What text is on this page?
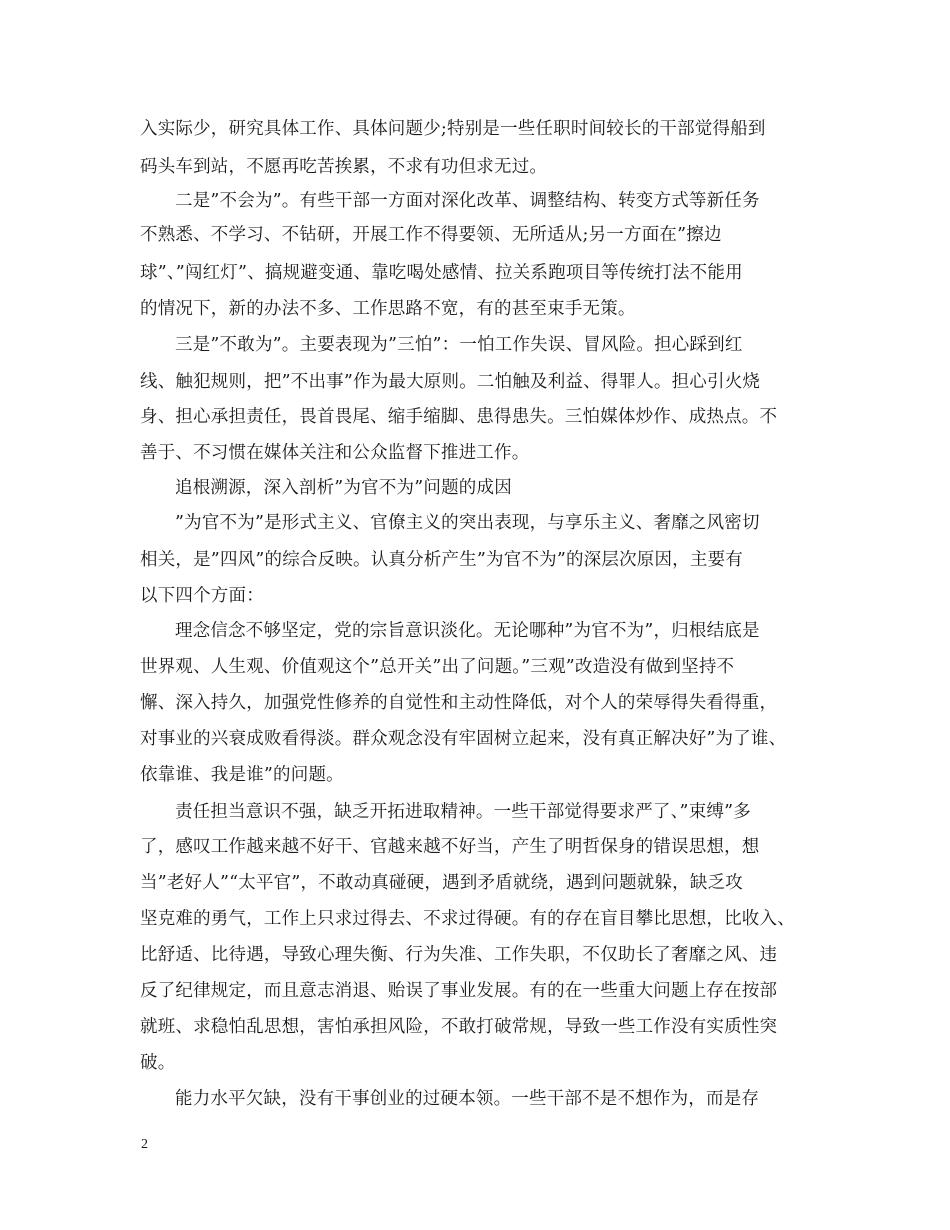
入实际少，研究具体工作、具体问题少;特别是一些任职时间较长的干部觉得船到
码头车到站，不愿再吃苦挨累，不求有功但求无过。
二是”不会为”。有些干部一方面对深化改革、调整结构、转变方式等新任务
不熟悉、不学习、不钻研，开展工作不得要领、无所适从;另一方面在”擦边
球”、”闯红灯”、搞规避变通、靠吃喝处感情、拉关系跑项目等传统打法不能用
的情况下，新的办法不多、工作思路不宽，有的甚至束手无策。
三是”不敢为”。主要表现为”三怕”：一怕工作失误、冒风险。担心踩到红
线、触犯规则，把”不出事”作为最大原则。二怕触及利益、得罪人。担心引火烧
身、担心承担责任，畏首畏尾、缩手缩脚、患得患失。三怕媒体炒作、成热点。不
善于、不习惯在媒体关注和公众监督下推进工作。
追根溯源，深入剖析”为官不为”问题的成因
”为官不为”是形式主义、官僚主义的突出表现，与享乐主义、奢靡之风密切
相关，是”四风”的综合反映。认真分析产生”为官不为”的深层次原因，主要有
以下四个方面：
理念信念不够坚定，党的宗旨意识淡化。无论哪种”为官不为”，归根结底是
世界观、人生观、价值观这个”总开关”出了问题。”三观”改造没有做到坚持不
懈、深入持久，加强党性修养的自觉性和主动性降低，对个人的荣辱得失看得重，
对事业的兴衰成败看得淡。群众观念没有牢固树立起来，没有真正解决好”为了谁、
依靠谁、我是谁”的问题。
责任担当意识不强，缺乏开拓进取精神。一些干部觉得要求严了、”束缚”多
了，感叹工作越来越不好干、官越来越不好当，产生了明哲保身的错误思想，想
当”老好人”“太平官”，不敢动真碰硬，遇到矛盾就绕，遇到问题就躲，缺乏攻
坚克难的勇气，工作上只求过得去、不求过得硬。有的存在盲目攀比思想，比收入、
比舒适、比待遇，导致心理失衡、行为失准、工作失职，不仅助长了奢靡之风、违
反了纪律规定，而且意志消退、贻误了事业发展。有的在一些重大问题上存在按部
就班、求稳怕乱思想，害怕承担风险，不敢打破常规，导致一些工作没有实质性突
破。
能力水平欠缺，没有干事创业的过硬本领。一些干部不是不想作为，而是存
2
